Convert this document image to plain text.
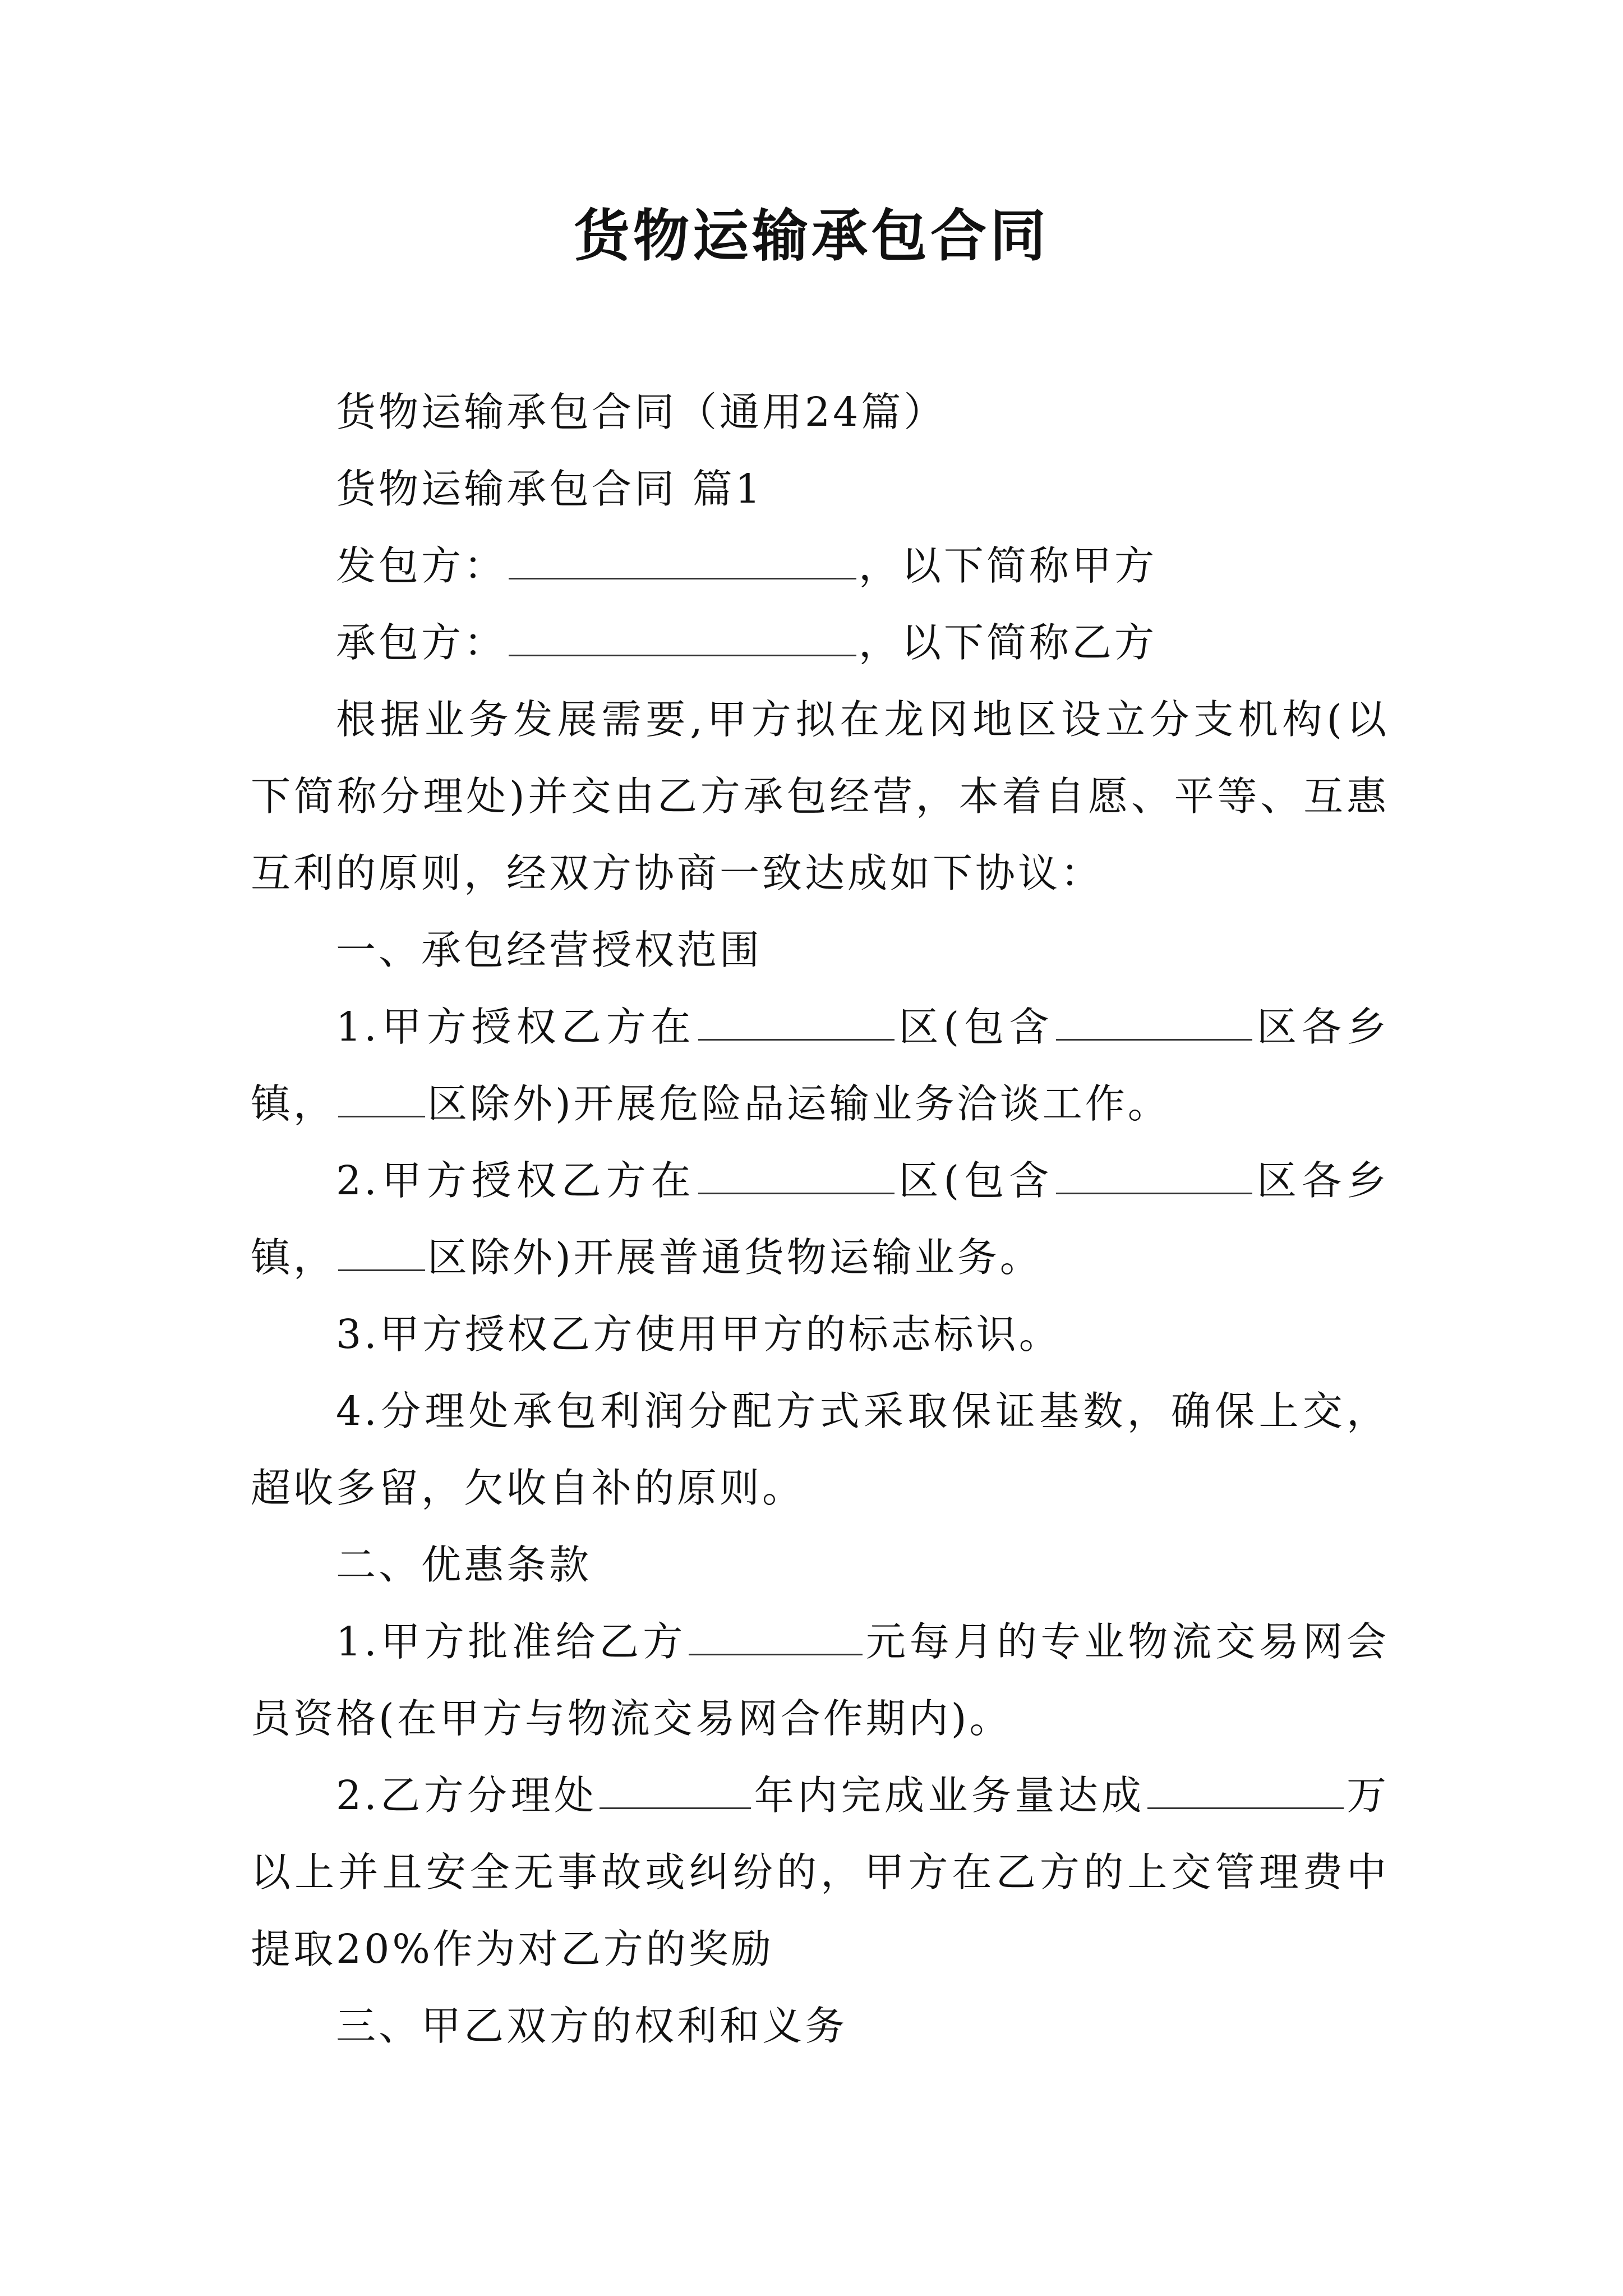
货物运输承包合同

货物运输承包合同（通用24篇）

货物运输承包合同 篇1

发包方：	，以下简称甲方

承包方：	，以下简称乙方

根据业务发展需要,甲方拟在龙冈地区设立分支机构(以下简称分理处)并交由乙方承包经营，本着自愿、平等、互惠互利的原则，经双方协商一致达成如下协议：

一、承包经营授权范围

1.甲方授权乙方在	区(包含	区各乡镇， 区除外)开展危险品运输业务洽谈工作。

2.甲方授权乙方在	区(包含	区各乡镇， 区除外)开展普通货物运输业务。

3.甲方授权乙方使用甲方的标志标识。

4.分理处承包利润分配方式采取保证基数，确保上交，超收多留，欠收自补的原则。

二、优惠条款

1.甲方批准给乙方	元每月的专业物流交易网会员资格(在甲方与物流交易网合作期内)。

2.乙方分理处	年内完成业务量达成	万以上并且安全无事故或纠纷的，甲方在乙方的上交管理费中提取20%作为对乙方的奖励

三、甲乙双方的权利和义务
